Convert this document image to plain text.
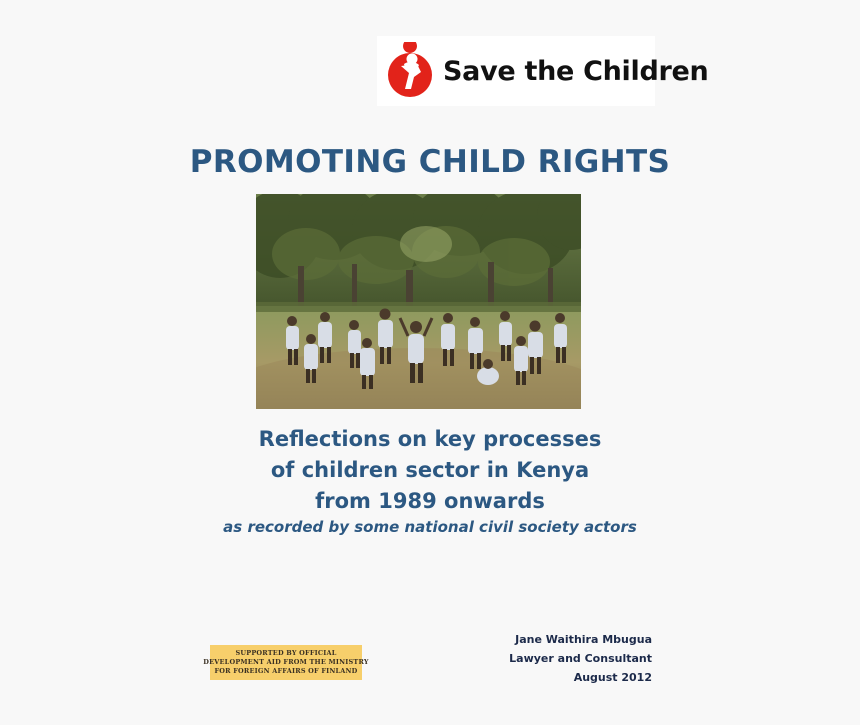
Save the Children
PROMOTING CHILD RIGHTS
Reflections on key processes
of children sector in Kenya
from 1989 onwards
as recorded by some national civil society actors
SUPPORTED BY OFFICIAL
DEVELOPMENT AID FROM THE MINISTRY
FOR FOREIGN AFFAIRS OF FINLAND
Jane Waithira Mbugua
Lawyer and Consultant
August 2012
